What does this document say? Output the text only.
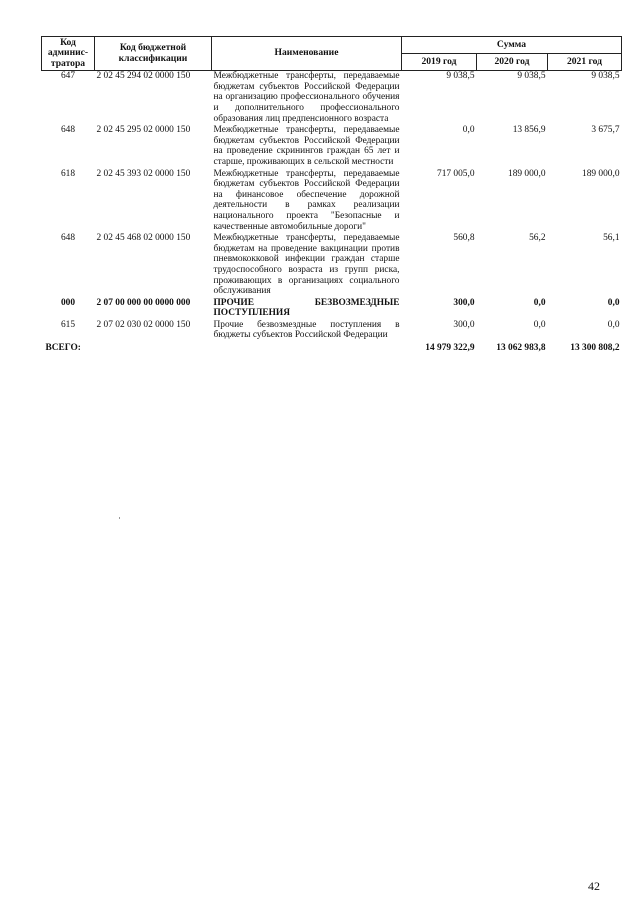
Код админис-тратора	Код бюджетной классификации	Наименование	Сумма		
			2019 год	2020 год	2021 год
647	2 02 45 294 02 0000 150	Межбюджетные трансферты, передаваемые бюджетам субъектов Российской Федерации на организацию профессионального обучения и дополнительного профессионального образования лиц предпенсионного возраста	9 038,5	9 038,5	9 038,5
648	2 02 45 295 02 0000 150	Межбюджетные трансферты, передаваемые бюджетам субъектов Российской Федерации на проведение скринингов граждан 65 лет и старше, проживающих в сельской местности	0,0	13 856,9	3 675,7
618	2 02 45 393 02 0000 150	Межбюджетные трансферты, передаваемые бюджетам субъектов Российской Федерации на финансовое обеспечение дорожной деятельности в рамках реализации национального проекта "Безопасные и качественные автомобильные дороги"	717 005,0	189 000,0	189 000,0
648	2 02 45 468 02 0000 150	Межбюджетные трансферты, передаваемые бюджетам на проведение вакцинации против пневмококковой инфекции граждан старше трудоспособного возраста из групп риска, проживающих в организациях социального обслуживания	560,8	56,2	56,1
000	2 07 00 000 00 0000 000	ПРОЧИЕ БЕЗВОЗМЕЗДНЫЕ ПОСТУПЛЕНИЯ	300,0	0,0	0,0
615	2 07 02 030 02 0000 150	Прочие безвозмездные поступления в бюджеты субъектов Российской Федерации	300,0	0,0	0,0
ВСЕГО:			14 979 322,9	13 062 983,8	13 300 808,2
42
